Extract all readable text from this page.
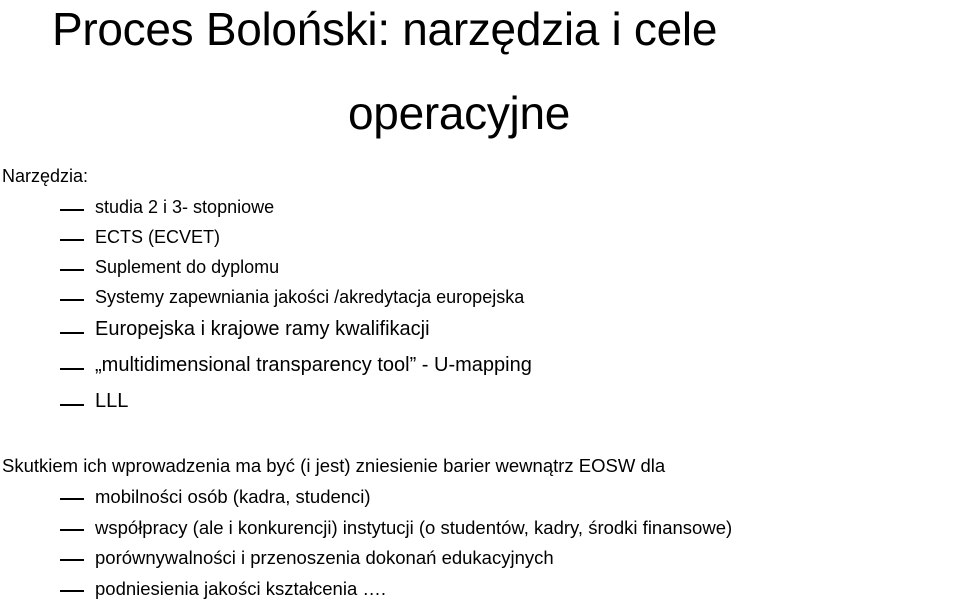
Proces Boloński: narzędzia i cele
operacyjne
Narzędzia:
studia 2 i 3- stopniowe
ECTS (ECVET)
Suplement do dyplomu
Systemy zapewniania jakości /akredytacja europejska
Europejska i krajowe ramy kwalifikacji
„multidimensional transparency tool” - U-mapping
LLL
Skutkiem ich wprowadzenia ma być (i jest) zniesienie barier wewnątrz EOSW dla
mobilności osób (kadra, studenci)
współpracy (ale i konkurencji) instytucji (o studentów, kadry, środki finansowe)
porównywalności i przenoszenia dokonań edukacyjnych
podniesienia jakości kształcenia ….
